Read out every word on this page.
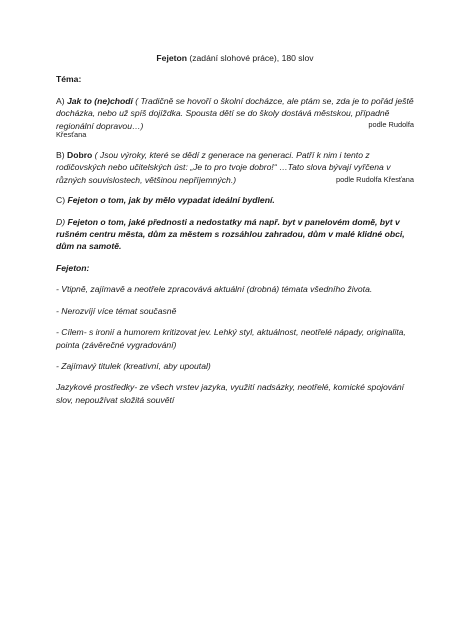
Fejeton (zadání slohové práce), 180 slov
Téma:
A) Jak to (ne)chodí ( Tradičně se hovoří o školní docházce, ale ptám se, zda je to pořád ještě docházka, nebo už spíš dojíždka. Spousta dětí se do školy dostává městskou, případně regionální dopravou…)	podle Rudolfa
Křesťana
B) Dobro ( Jsou výroky, které se dědí z generace na generaci. Patří k nim i tento z rodičovských nebo učitelských úst: „Je to pro tvoje dobro!“ …Tato slova bývají vyřčena v různých souvislostech, většinou nepříjemných.)	podle Rudolfa Křesťana
C) Fejeton o tom, jak by mělo vypadat ideální bydlení.
D) Fejeton o tom, jaké přednosti a nedostatky má např. byt v panelovém domě, byt v rušném centru města, dům za městem s rozsáhlou zahradou, dům v malé klidné obci, dům na samotě.
Fejeton:
- Vtipně, zajímavě a neotřele zpracovává aktuální (drobná) témata všedního života.
- Nerozvíjí více témat současně
- Cílem- s ironií a humorem kritizovat jev. Lehký styl, aktuálnost, neotřelé nápady, originalita, pointa (závěrečné vygradování)
- Zajímavý titulek (kreativní, aby upoutal)
Jazykové prostředky- ze všech vrstev jazyka, využití nadsázky, neotřelé, komické spojování slov, nepoužívat složitá souvětí
